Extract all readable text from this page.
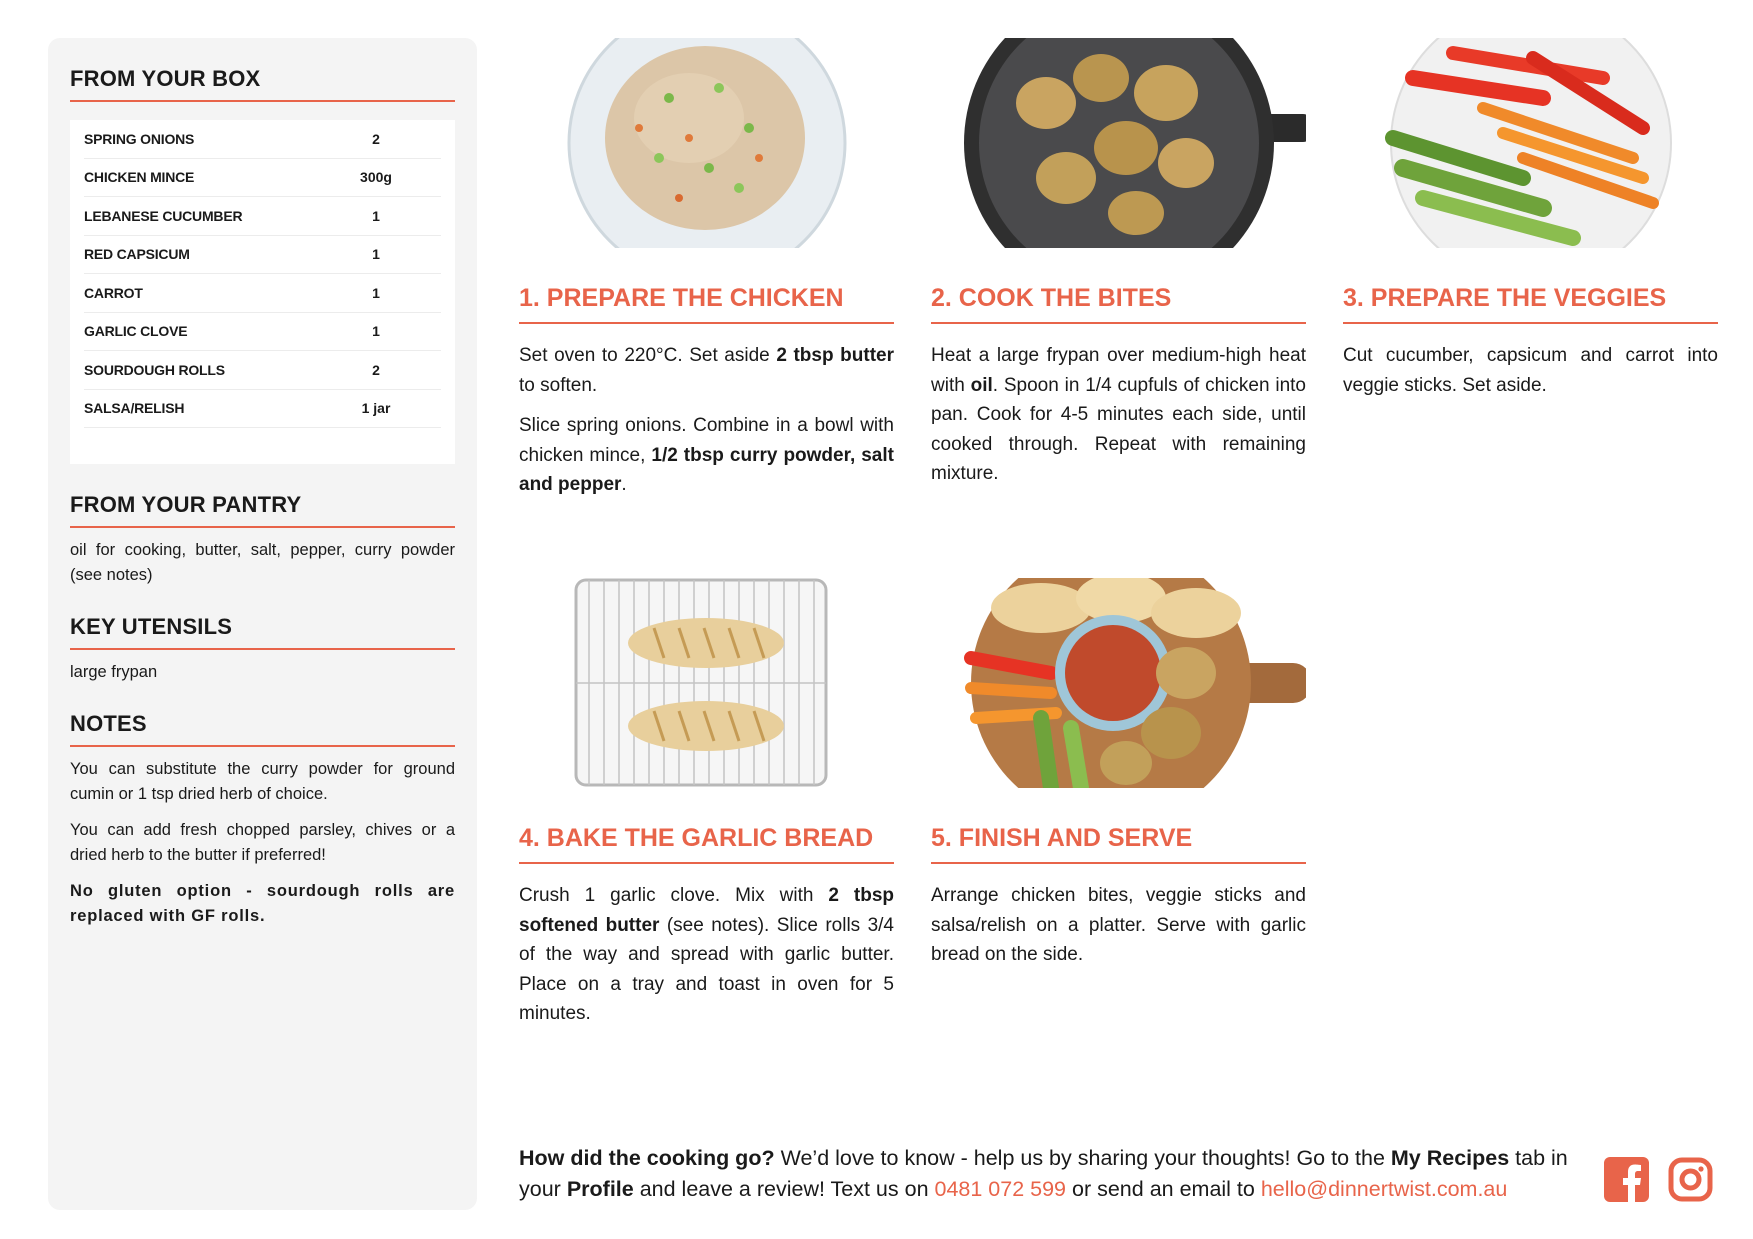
FROM YOUR BOX
SPRING ONIONS	2
CHICKEN MINCE	300g
LEBANESE CUCUMBER	1
RED CAPSICUM	1
CARROT	1
GARLIC CLOVE	1
SOURDOUGH ROLLS	2
SALSA/RELISH	1 jar
FROM YOUR PANTRY

oil for cooking, butter, salt, pepper, curry powder (see notes)

KEY UTENSILS

large frypan

NOTES

You can substitute the curry powder for ground cumin or 1 tsp dried herb of choice.

You can add fresh chopped parsley, chives or a dried herb to the butter if preferred!

No gluten option - sourdough rolls are replaced with GF rolls.

1. PREPARE THE CHICKEN

Set oven to 220°C. Set aside 2 tbsp butter to soften.

Slice spring onions. Combine in a bowl with chicken mince, 1/2 tbsp curry powder, salt and pepper.

2. COOK THE BITES

Heat a large frypan over medium-high heat with oil. Spoon in 1/4 cupfuls of chicken into pan. Cook for 4-5 minutes each side, until cooked through. Repeat with remaining mixture.

3. PREPARE THE VEGGIES

Cut cucumber, capsicum and carrot into veggie sticks. Set aside.

4. BAKE THE GARLIC BREAD

Crush 1 garlic clove. Mix with 2 tbsp softened butter (see notes). Slice rolls 3/4 of the way and spread with garlic butter. Place on a tray and toast in oven for 5 minutes.

5. FINISH AND SERVE

Arrange chicken bites, veggie sticks and salsa/relish on a platter. Serve with garlic bread on the side.

How did the cooking go? We’d love to know - help us by sharing your thoughts! Go to the My Recipes tab in your Profile and leave a review! Text us on 0481 072 599 or send an email to hello@dinnertwist.com.au
